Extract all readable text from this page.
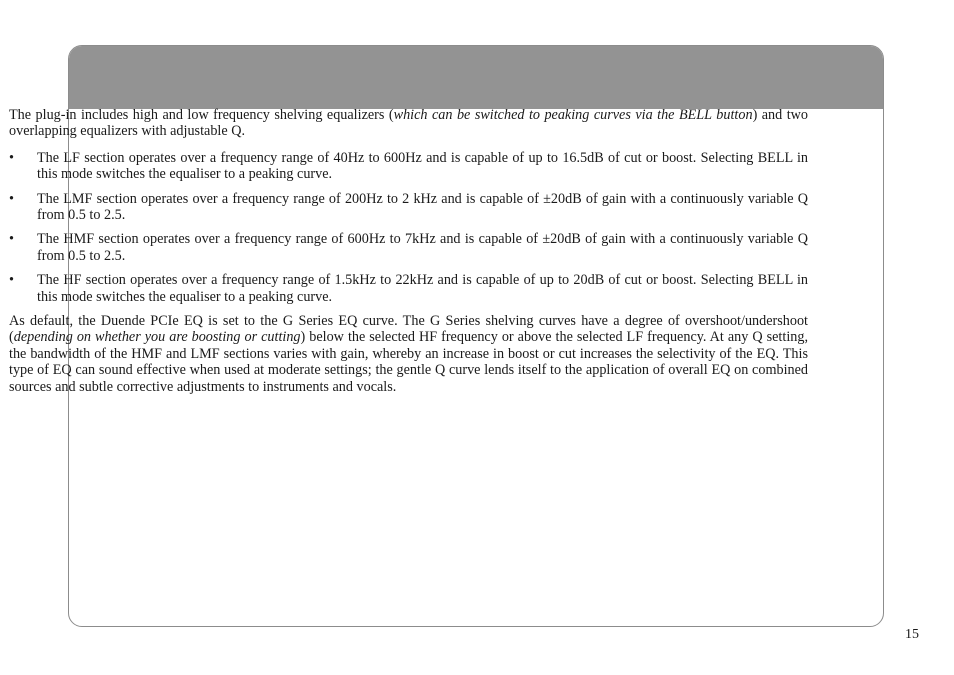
The plug-in includes high and low frequency shelving equalizers (which can be switched to peaking curves via the BELL button) and two overlapping equalizers with adjustable Q.

• The LF section operates over a frequency range of 40Hz to 600Hz and is capable of up to 16.5dB of cut or boost. Selecting BELL in this mode switches the equaliser to a peaking curve.
• The LMF section operates over a frequency range of 200Hz to 2 kHz and is capable of ±20dB of gain with a continuously variable Q from 0.5 to 2.5.
• The HMF section operates over a frequency range of 600Hz to 7kHz and is capable of ±20dB of gain with a continuously variable Q from 0.5 to 2.5.
• The HF section operates over a frequency range of 1.5kHz to 22kHz and is capable of up to 20dB of cut or boost. Selecting BELL in this mode switches the equaliser to a peaking curve.

As default, the Duende PCIe EQ is set to the G Series EQ curve. The G Series shelving curves have a degree of overshoot/undershoot (depending on whether you are boosting or cutting) below the selected HF frequency or above the selected LF frequency. At any Q setting, the bandwidth of the HMF and LMF sections varies with gain, whereby an increase in boost or cut increases the selectivity of the EQ. This type of EQ can sound effective when used at moderate settings; the gentle Q curve lends itself to the application of overall EQ on combined sources and subtle corrective adjustments to instruments and vocals.

15
